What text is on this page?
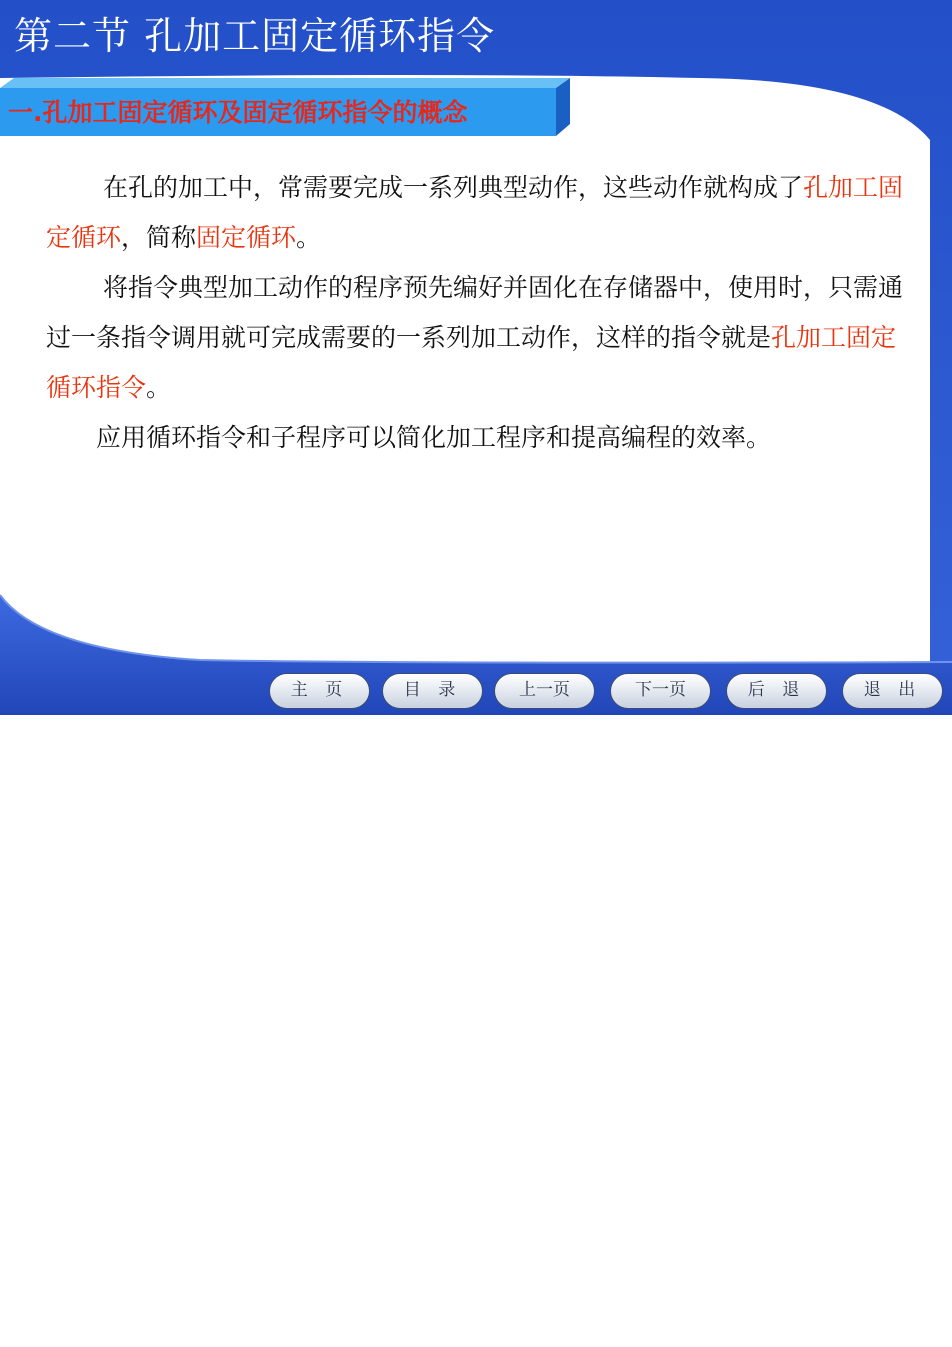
第二节 孔加工固定循环指令
一.孔加工固定循环及固定循环指令的概念

在孔的加工中，常需要完成一系列典型动作，这些动作就构成了孔加工固定循环，简称固定循环。

将指令典型加工动作的程序预先编好并固化在存储器中，使用时，只需通过一条指令调用就可完成需要的一系列加工动作，这样的指令就是孔加工固定循环指令。

应用循环指令和子程序可以简化加工程序和提高编程的效率。

主 页	目 录	上一页	下一页	后 退	退 出
